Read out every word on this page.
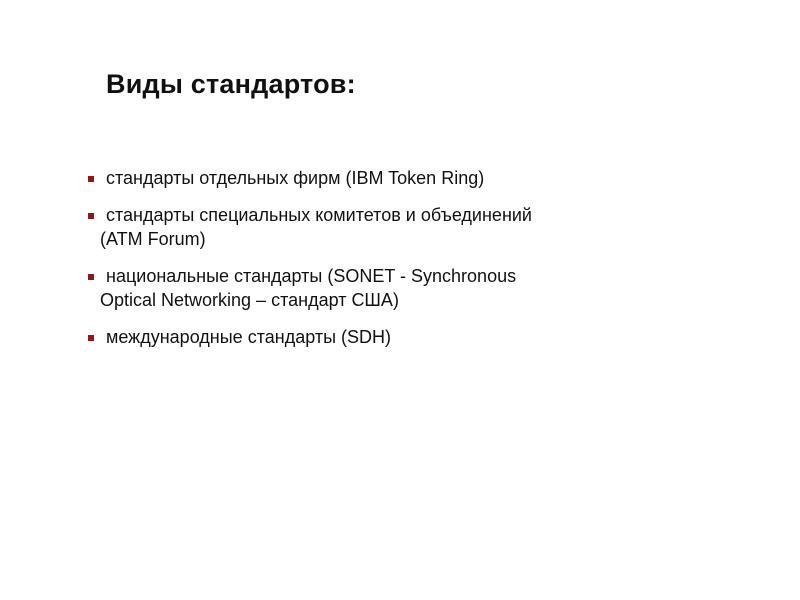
Виды стандартов:
стандарты отдельных фирм (IBM Token Ring)
стандарты специальных комитетов и объединений
(ATM Forum)
национальные стандарты (SONET - Synchronous
Optical Networking – стандарт США)
международные стандарты (SDH)
